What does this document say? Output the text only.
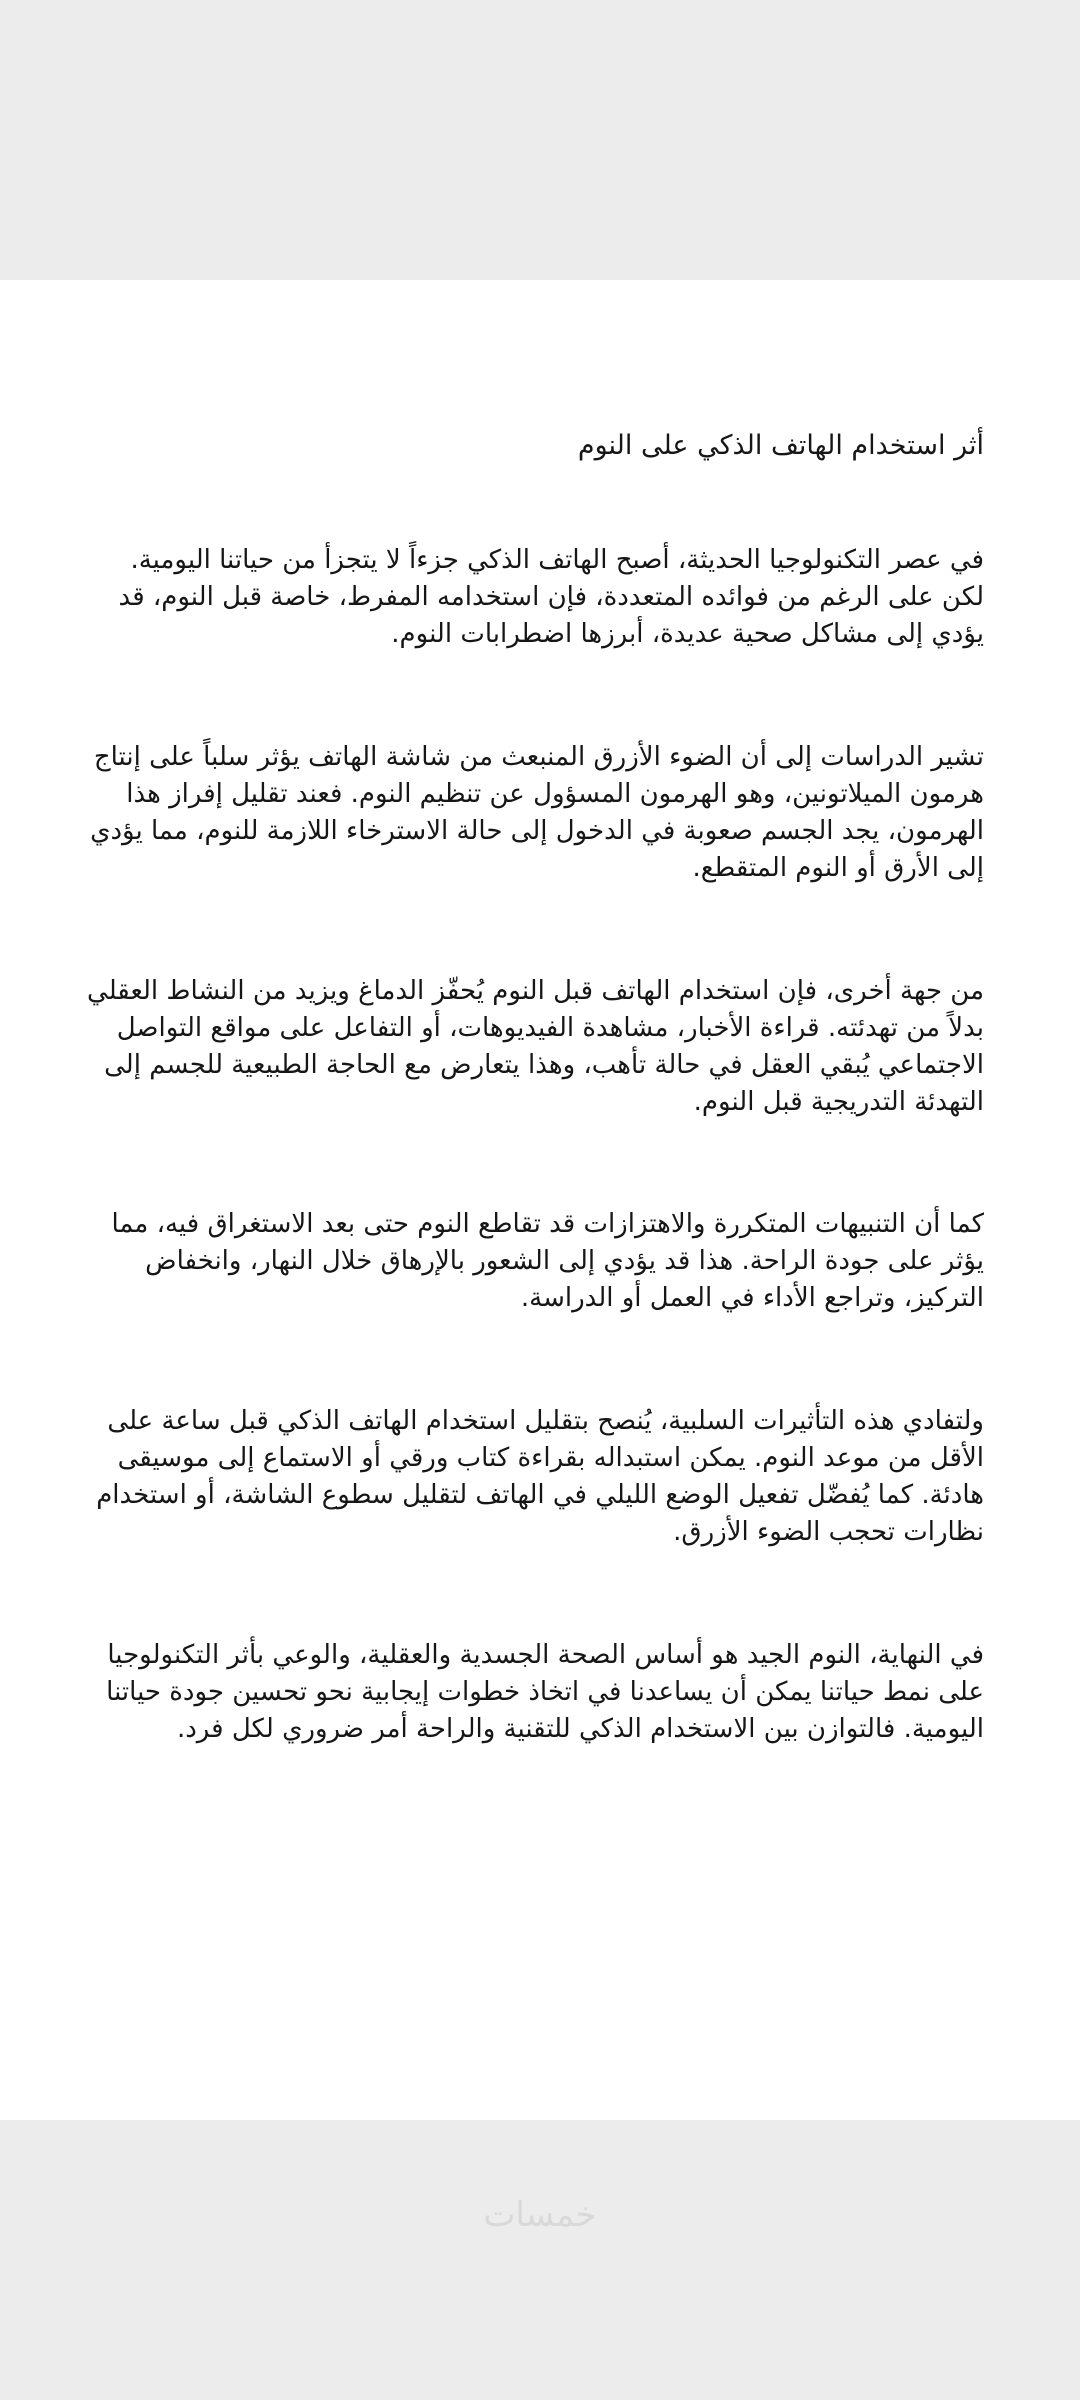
أثر استخدام الهاتف الذكي على النوم

في عصر التكنولوجيا الحديثة، أصبح الهاتف الذكي جزءاً لا يتجزأ من حياتنا اليومية. لكن على الرغم من فوائده المتعددة، فإن استخدامه المفرط، خاصة قبل النوم، قد يؤدي إلى مشاكل صحية عديدة، أبرزها اضطرابات النوم.

تشير الدراسات إلى أن الضوء الأزرق المنبعث من شاشة الهاتف يؤثر سلباً على إنتاج هرمون الميلاتونين، وهو الهرمون المسؤول عن تنظيم النوم. فعند تقليل إفراز هذا الهرمون، يجد الجسم صعوبة في الدخول إلى حالة الاسترخاء اللازمة للنوم، مما يؤدي إلى الأرق أو النوم المتقطع.

من جهة أخرى، فإن استخدام الهاتف قبل النوم يُحفّز الدماغ ويزيد من النشاط العقلي بدلاً من تهدئته. قراءة الأخبار، مشاهدة الفيديوهات، أو التفاعل على مواقع التواصل الاجتماعي يُبقي العقل في حالة تأهب، وهذا يتعارض مع الحاجة الطبيعية للجسم إلى التهدئة التدريجية قبل النوم.

كما أن التنبيهات المتكررة والاهتزازات قد تقاطع النوم حتى بعد الاستغراق فيه، مما يؤثر على جودة الراحة. هذا قد يؤدي إلى الشعور بالإرهاق خلال النهار، وانخفاض التركيز، وتراجع الأداء في العمل أو الدراسة.

ولتفادي هذه التأثيرات السلبية، يُنصح بتقليل استخدام الهاتف الذكي قبل ساعة على الأقل من موعد النوم. يمكن استبداله بقراءة كتاب ورقي أو الاستماع إلى موسيقى هادئة. كما يُفضّل تفعيل الوضع الليلي في الهاتف لتقليل سطوع الشاشة، أو استخدام نظارات تحجب الضوء الأزرق.

في النهاية، النوم الجيد هو أساس الصحة الجسدية والعقلية، والوعي بأثر التكنولوجيا على نمط حياتنا يمكن أن يساعدنا في اتخاذ خطوات إيجابية نحو تحسين جودة حياتنا اليومية. فالتوازن بين الاستخدام الذكي للتقنية والراحة أمر ضروري لكل فرد.

خمسات
